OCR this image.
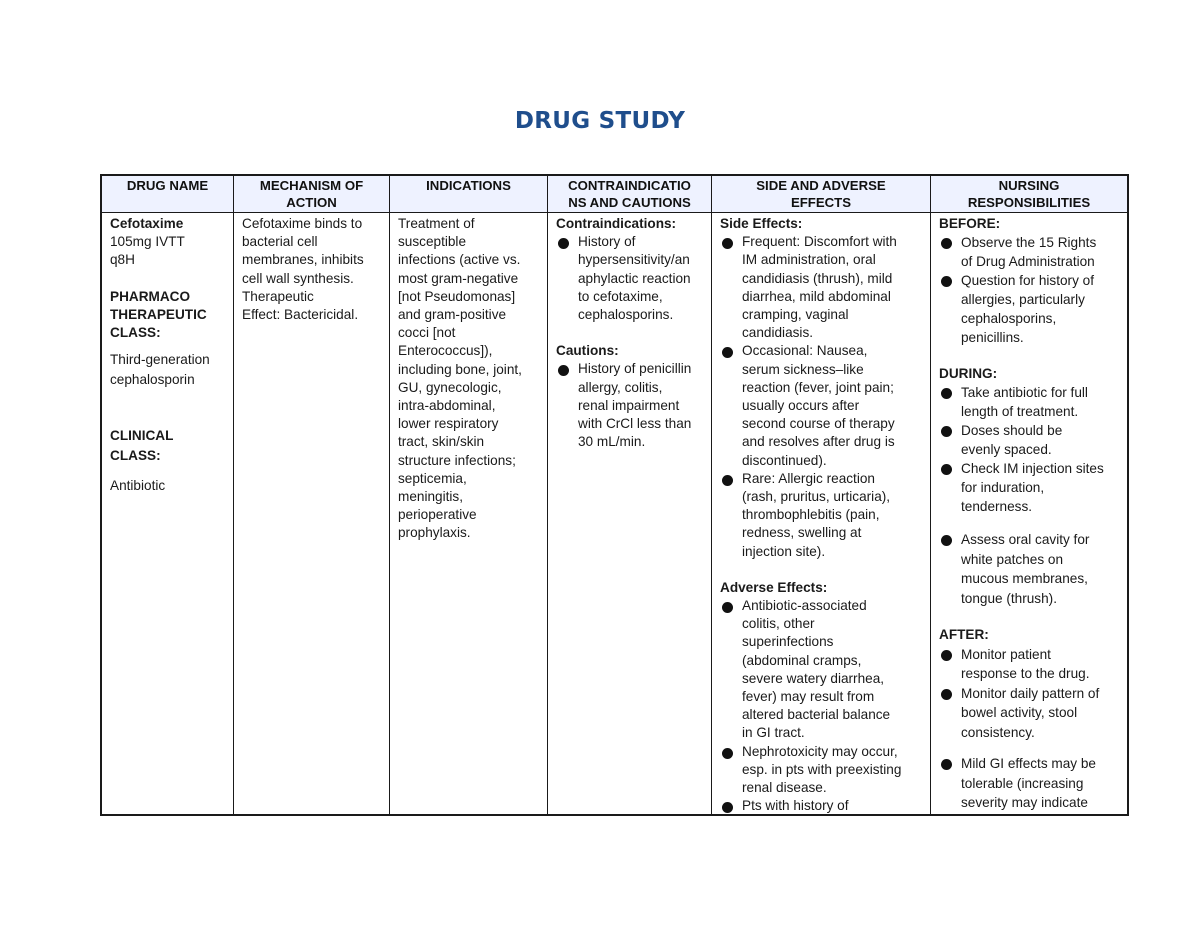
DRUG STUDY
DRUG NAME	MECHANISM OF
ACTION
INDICATIONS	CONTRAINDICATIO
NS AND CAUTIONS
SIDE AND ADVERSE
EFFECTS
NURSING
RESPONSIBILITIES
Cefotaxime
105mg IVTT
q8H
PHARMACO
THERAPEUTIC
CLASS:
Third-generation
cephalosporin
CLINICAL
CLASS:
Antibiotic
Cefotaxime binds to
bacterial cell
membranes, inhibits
cell wall synthesis.
Therapeutic
Effect: Bactericidal.
Treatment of
susceptible
infections (active vs.
most gram-negative
[not Pseudomonas]
and gram-positive
cocci [not
Enterococcus]),
including bone, joint,
GU, gynecologic,
intra-abdominal,
lower respiratory
tract, skin/skin
structure infections;
septicemia,
meningitis,
perioperative
prophylaxis.
Contraindications:
History of
hypersensitivity/an
aphylactic reaction
to cefotaxime,
cephalosporins.
Cautions:
History of penicillin
allergy, colitis,
renal impairment
with CrCl less than
30 mL/min.
Side Effects:
Frequent: Discomfort with
IM administration, oral
candidiasis (thrush), mild
diarrhea, mild abdominal
cramping, vaginal
candidiasis.
Occasional: Nausea,
serum sickness–like
reaction (fever, joint pain;
usually occurs after
second course of therapy
and resolves after drug is
discontinued).
Rare: Allergic reaction
(rash, pruritus, urticaria),
thrombophlebitis (pain,
redness, swelling at
injection site).
Adverse Effects:
Antibiotic-associated
colitis, other
superinfections
(abdominal cramps,
severe watery diarrhea,
fever) may result from
altered bacterial balance
in GI tract.
Nephrotoxicity may occur,
esp. in pts with preexisting
renal disease.
Pts with history of
BEFORE:
Observe the 15 Rights
of Drug Administration
Question for history of
allergies, particularly
cephalosporins,
penicillins.
DURING:
Take antibiotic for full
length of treatment.
Doses should be
evenly spaced.
Check IM injection sites
for induration,
tenderness.
Assess oral cavity for
white patches on
mucous membranes,
tongue (thrush).
AFTER:
Monitor patient
response to the drug.
Monitor daily pattern of
bowel activity, stool
consistency.
Mild GI effects may be
tolerable (increasing
severity may indicate
